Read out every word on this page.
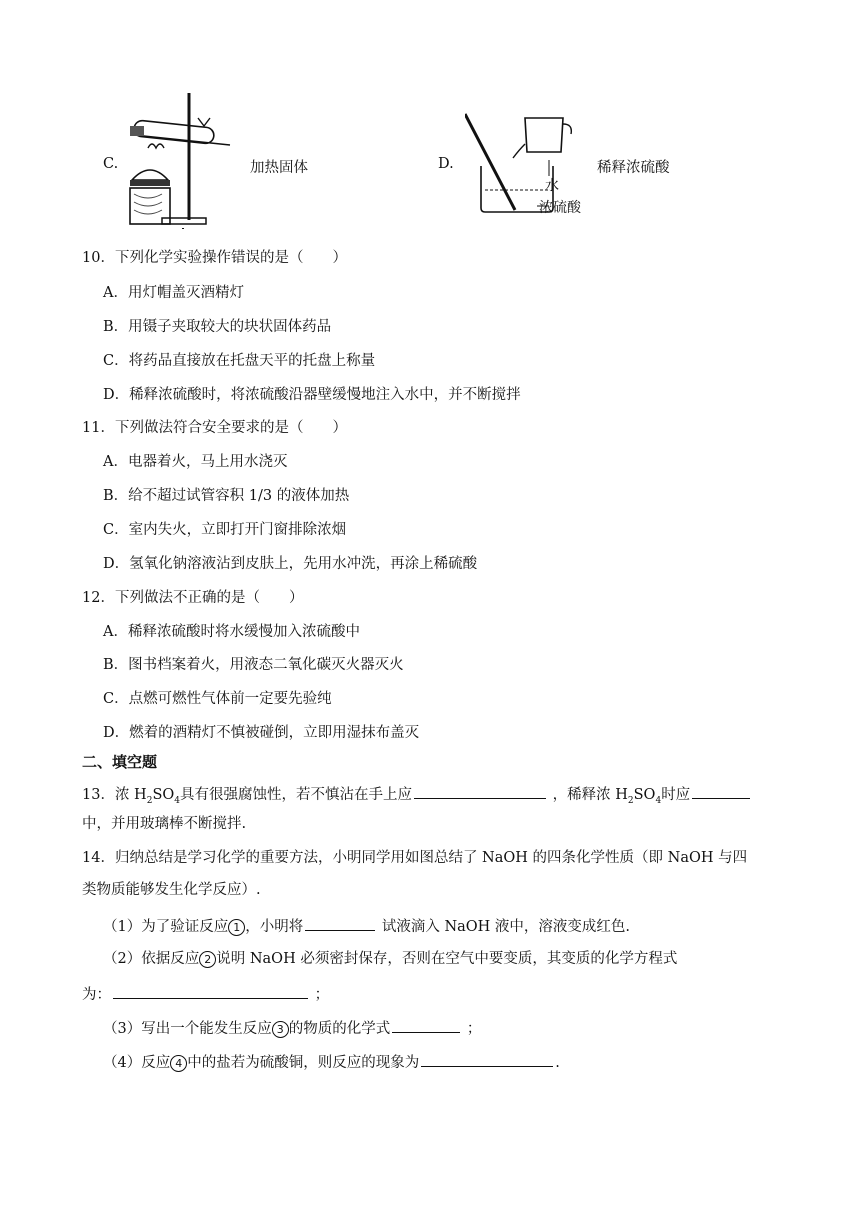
C.	加热固体	D.
水
浓硫酸
稀释浓硫酸
10．下列化学实验操作错误的是（　　）
A．用灯帽盖灭酒精灯
B．用镊子夹取较大的块状固体药品
C．将药品直接放在托盘天平的托盘上称量
D．稀释浓硫酸时，将浓硫酸沿器壁缓慢地注入水中，并不断搅拌
11．下列做法符合安全要求的是（　　）
A．电器着火，马上用水浇灭
B．给不超过试管容积 1/3 的液体加热
C．室内失火，立即打开门窗排除浓烟
D．氢氧化钠溶液沾到皮肤上，先用水冲洗，再涂上稀硫酸
12．下列做法不正确的是（　　）
A．稀释浓硫酸时将水缓慢加入浓硫酸中
B．图书档案着火，用液态二氧化碳灭火器灭火
C．点燃可燃性气体前一定要先验纯
D．燃着的酒精灯不慎被碰倒，立即用湿抹布盖灭
二、填空题
13．浓 $H_2SO_4$具有很强腐蚀性，若不慎沾在手上应	，稀释浓 $H_2SO_4$时应
中，并用玻璃棒不断搅拌.
14．归纳总结是学习化学的重要方法，小明同学用如图总结了 NaOH 的四条化学性质（即 NaOH 与四
类物质能够发生化学反应）.
（1）为了验证反应 1 ，小明将	试液滴入 NaOH 液中，溶液变成红色.
（2）依据反应 2 说明 NaOH 必须密封保存，否则在空气中要变质，其变质的化学方程式
为：	；
（3）写出一个能发生反应 3 的物质的化学式	；
（4）反应 4 中的盐若为硫酸铜，则反应的现象为	.
